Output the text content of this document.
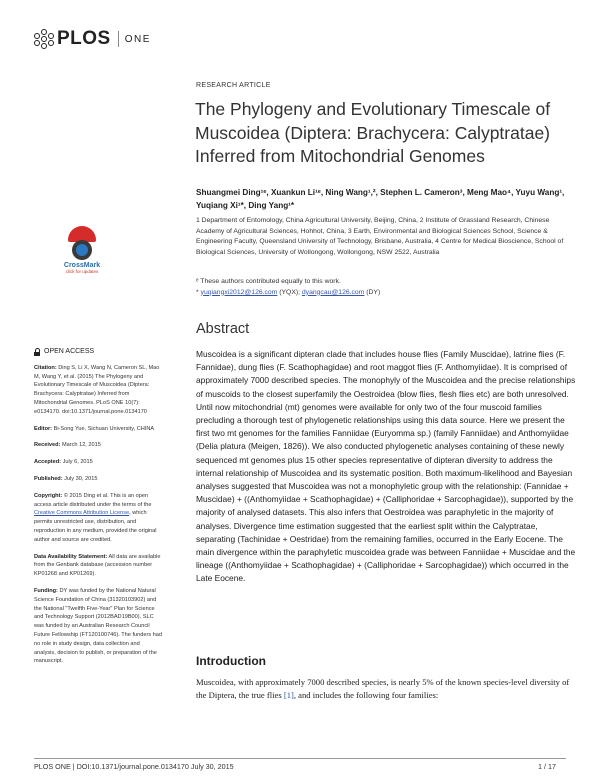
PLOS ONE
RESEARCH ARTICLE
The Phylogeny and Evolutionary Timescale of Muscoidea (Diptera: Brachycera: Calyptratae) Inferred from Mitochondrial Genomes
Shuangmei Ding¹ᵉ, Xuankun Li¹ᵉ, Ning Wang¹,², Stephen L. Cameron³, Meng Mao⁴, Yuyu Wang¹, Yuqiang Xi¹*, Ding Yang¹*
1 Department of Entomology, China Agricultural University, Beijing, China, 2 Institute of Grassland Research, Chinese Academy of Agricultural Sciences, Hohhot, China, 3 Earth, Environmental and Biological Sciences School, Science & Engineering Faculty, Queensland University of Technology, Brisbane, Australia, 4 Centre for Medical Bioscience, School of Biological Sciences, University of Wollongong, Wollongong, NSW 2522, Australia
ᵉ These authors contributed equally to this work.
* yuqiangxi2012@126.com (YQX); dyangcau@126.com (DY)
CrossMark
click for updates
OPEN ACCESS

Citation: Ding S, Li X, Wang N, Cameron SL, Mao M, Wang Y, et al. (2015) The Phylogeny and Evolutionary Timescale of Muscoidea (Diptera: Brachycera: Calyptratae) Inferred from Mitochondrial Genomes. PLoS ONE 10(7): e0134170. doi:10.1371/journal.pone.0134170

Editor: Bi-Song Yue, Sichuan University, CHINA

Received: March 12, 2015

Accepted: July 6, 2015

Published: July 30, 2015

Copyright: © 2015 Ding et al. This is an open access article distributed under the terms of the Creative Commons Attribution License, which permits unrestricted use, distribution, and reproduction in any medium, provided the original author and source are credited.

Data Availability Statement: All data are available from the Genbank database (accession number KP01268 and KP01269).

Funding: DY was funded by the National Natural Science Foundation of China (31320103902) and the National "Twelfth Five-Year" Plan for Science and Technology Support (2012BAD19B00). SLC was funded by an Australian Research Council Future Fellowship (FT120100746). The funders had no role in study design, data collection and analysis, decision to publish, or preparation of the manuscript.

Abstract

Muscoidea is a significant dipteran clade that includes house flies (Family Muscidae), latrine flies (F. Fannidae), dung flies (F. Scathophagidae) and root maggot flies (F. Anthomyiidae). It is comprised of approximately 7000 described species. The monophyly of the Muscoidea and the precise relationships of muscoids to the closest superfamily the Oestroidea (blow flies, flesh flies etc) are both unresolved. Until now mitochondrial (mt) genomes were available for only two of the four muscoid families precluding a thorough test of phylogenetic relationships using this data source. Here we present the first two mt genomes for the families Fanniidae (Euryomma sp.) (family Fanniidae) and Anthomyiidae (Delia platura (Meigen, 1826)). We also conducted phylogenetic analyses containing of these newly sequenced mt genomes plus 15 other species representative of dipteran diversity to address the internal relationship of Muscoidea and its systematic position. Both maximum-likelihood and Bayesian analyses suggested that Muscoidea was not a monophyletic group with the relationship: (Fannidae + Muscidae) + ((Anthomyiidae + Scathophagidae) + (Calliphoridae + Sarcophagidae)), supported by the majority of analysed datasets. This also infers that Oestroidea was paraphyletic in the majority of analyses. Divergence time estimation suggested that the earliest split within the Calyptratae, separating (Tachinidae + Oestridae) from the remaining families, occurred in the Early Eocene. The main divergence within the paraphyletic muscoidea grade was between Fanniidae + Muscidae and the lineage ((Anthomyiidae + Scathophagidae) + (Calliphoridae + Sarcophagidae)) which occurred in the Late Eocene.

Introduction

Muscoidea, with approximately 7000 described species, is nearly 5% of the known species-level diversity of the Diptera, the true flies [1], and includes the following four families:

PLOS ONE | DOI:10.1371/journal.pone.0134170 July 30, 2015	1 / 17
